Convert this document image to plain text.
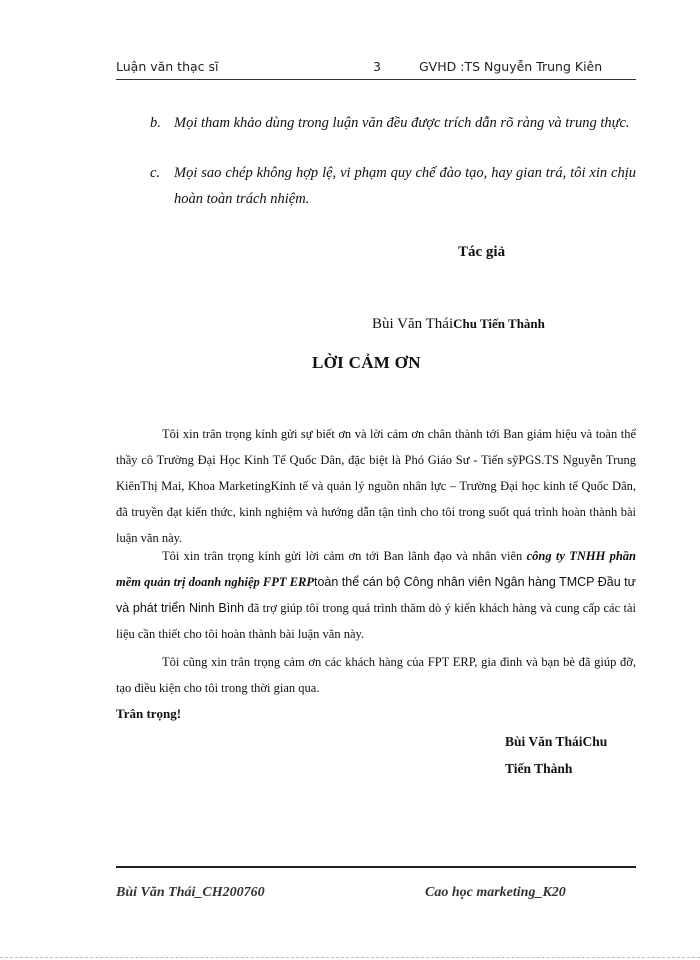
Luận văn thạc sĩ	3	GVHD :TS Nguyễn Trung Kiên
b. Mọi tham khảo dùng trong luận văn đều được trích dẫn rõ ràng và trung thực.
c. Mọi sao chép không hợp lệ, vi phạm quy chế đào tạo, hay gian trá, tôi xin chịu hoàn toàn trách nhiệm.
Tác giả
Bùi Văn TháiChu Tiến Thành
LỜI CẢM ƠN
Tôi xin trân trọng kính gửi sự biết ơn và lời cảm ơn chân thành tới Ban giám hiệu và toàn thể thầy cô Trường Đại Học Kinh Tế Quốc Dân, đặc biệt là Phó Giáo Sư - Tiến sỹPGS.TS Nguyễn Trung KiênThị Mai, Khoa MarketingKinh tế và quản lý nguồn nhân lực – Trường Đại học kinh tế Quốc Dân, đã truyền đạt kiến thức, kinh nghiệm và hướng dẫn tận tình cho tôi trong suốt quá trình hoàn thành bài luận văn này.
Tôi xin trân trọng kính gửi lời cảm ơn tới Ban lãnh đạo và nhân viên công ty TNHH phần mềm quản trị doanh nghiệp FPT ERPtoàn thể cán bộ Công nhân viên Ngân hàng TMCP Đầu tư và phát triển Ninh Bình đã trợ giúp tôi trong quá trình thăm dò ý kiến khách hàng và cung cấp các tài liệu cần thiết cho tôi hoàn thành bài luận văn này.
Tôi cũng xin trân trọng cảm ơn các khách hàng của FPT ERP, gia đình và bạn bè đã giúp đỡ, tạo điều kiện cho tôi trong thời gian qua.
Trân trọng!
Bùi Văn TháiChu
Tiến Thành
Bùi Văn Thái_CH200760	Cao học marketing_K20
